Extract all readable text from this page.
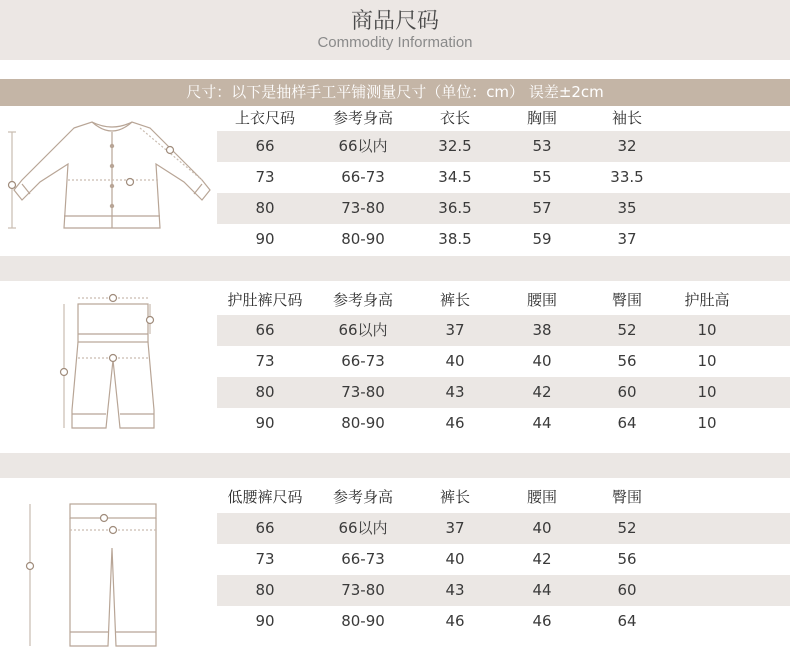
商品尺码
Commodity Information
尺寸：以下是抽样手工平铺测量尺寸（单位：cm） 误差±2cm
上衣尺码	参考身高	衣长	胸围	袖长
66	66以内	32.5	53	32
73	66-73	34.5	55	33.5
80	73-80	36.5	57	35
90	80-90	38.5	59	37
护肚裤尺码	参考身高	裤长	腰围	臀围	护肚高
66	66以内	37	38	52	10
73	66-73	40	40	56	10
80	73-80	43	42	60	10
90	80-90	46	44	64	10
低腰裤尺码	参考身高	裤长	腰围	臀围
66	66以内	37	40	52
73	66-73	40	42	56
80	73-80	43	44	60
90	80-90	46	46	64
